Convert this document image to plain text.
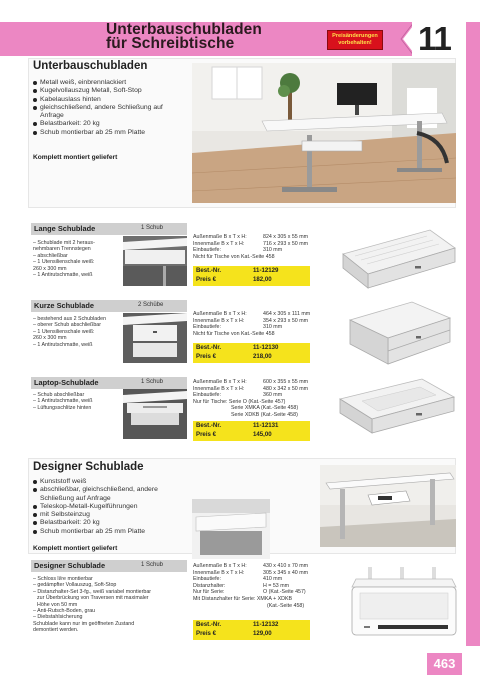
Unterbauschubladen
für Schreibtische	Preisänderungen
vorbehalten!	11
Unterbauschubladen
Metall weiß, einbrennlackiert
Kugelvollauszug Metall, Soft-Stop
Kabelauslass hinten
gleichschließend, andere Schließung auf Anfrage
Belastbarkeit: 20 kg
Schub montierbar ab 25 mm Platte
Komplett montiert geliefert
Lange Schublade	1 Schub
– Schublade mit 2 heraus-
nehmbaren Trennstegen
– abschließbar
– 1 Utensilienschale weiß:
260 x 300 mm
– 1 Antirutschmatte, weiß
Außenmaße B x T x H:	824 x 305 x 55 mm
Innenmaße B x T x H:	716 x 293 x 50 mm
Einbautiefe:	310 mm
Nicht für Tische von Kat.-Seite 458
Best.-Nr.	11-12129
Preis €	182,00
Kurze Schublade	2 Schübe
– bestehend aus 2 Schubladen
– oberer Schub abschließbar
– 1 Utensilienschale weiß:
260 x 300 mm
– 1 Antirutschmatte, weiß
Außenmaße B x T x H:	464 x 305 x 111 mm
Innenmaße B x T x H:	354 x 293 x 50 mm
Einbautiefe:	310 mm
Nicht für Tische von Kat.-Seite 458
Best.-Nr.	11-12130
Preis €	218,00
Laptop-Schublade	1 Schub
– Schub abschließbar
– 1 Antirutschmatte, weiß
– Lüftungsschlitze hinten
Außenmaße B x T x H:	600 x 355 x 55 mm
Innenmaße B x T x H:	480 x 342 x 50 mm
Einbautiefe:	360 mm
Nur für Tische: Serie O (Kat.-Seite 457)
Serie XMKA (Kat.-Seite 458)
Serie XDKB (Kat.-Seite 458)
Best.-Nr.	11-12131
Preis €	145,00
Designer Schublade
Kunststoff weiß
abschließbar, gleichschließend, andere Schließung auf Anfrage
Teleskop-Metall-Kugelführungen
mit Selbsteinzug
Belastbarkeit: 20 kg
Schub montierbar ab 25 mm Platte
Komplett montiert geliefert
Designer Schublade	1 Schub
– Schloss li/re montierbar
– gedämpfter Vollauszug, Soft-Stop
– Distanzhalter-Set 3-fg., weiß variabel montierbar
zur Überbrückung von Traversen mit maximaler
Höhe von 50 mm
– Anti-Rutsch-Boden, grau
– Diebstahlsicherung
Schublade kann nur im geöffneten Zustand
demontiert werden.
Außenmaße B x T x H:	430 x 410 x 70 mm
Innenmaße B x T x H:	305 x 345 x 40 mm
Einbautiefe:	410 mm
Distanzhalter:	H = 53 mm
Nur für Serie:	O (Kat.-Seite 457)
Mit Distanzhalter für Serie: XMKA + XDKB
(Kat.-Seite 458)
Best.-Nr.	11-12132
Preis €	129,00
463
